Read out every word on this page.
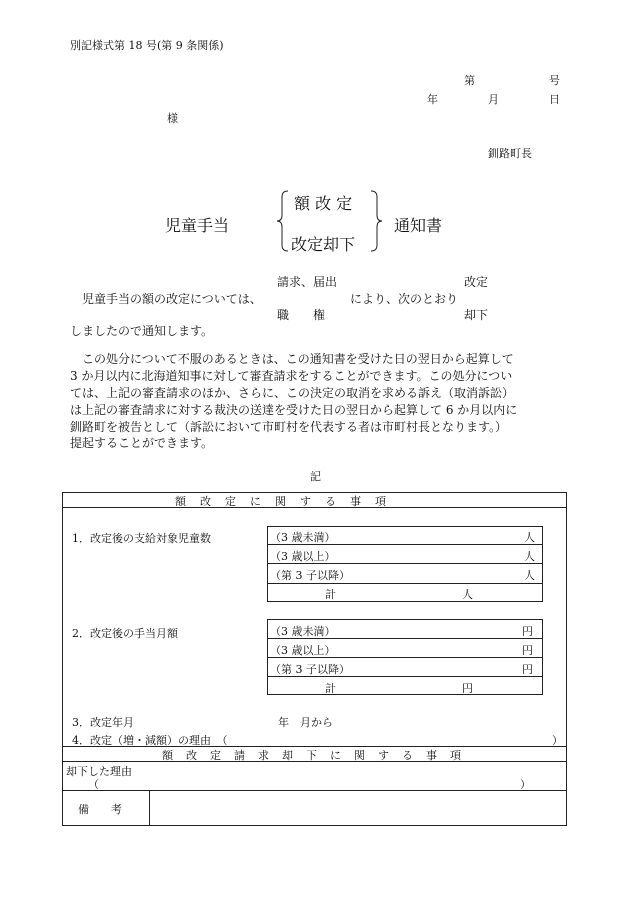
別記様式第 18 号(第 9 条関係)
第	号
年	月	日
様
釧路町長
児童手当
額 改 定
改定却下
通知書
請求、届出	改定
児童手当の額の改定については、	により、次のとおり
職　　権	却下
しましたので通知します。
この処分について不服のあるときは、この通知書を受けた日の翌日から起算して
3 か月以内に北海道知事に対して審査請求をすることができます。この処分につい
ては、上記の審査請求のほか、さらに、この決定の取消を求める訴え（取消訴訟）
は上記の審査請求に対する裁決の送達を受けた日の翌日から起算して 6 か月以内に
釧路町を被告として（訴訟において市町村を代表する者は市町村長となります。）
提起することができます。
記
額改定に関する事項
1．改定後の支給対象児童数	（3 歳未満）	人
（3 歳以上）	人
（第 3 子以降）	人
計	人
2．改定後の手当月額	（3 歳未満）	円
（3 歳以上）	円
（第 3 子以降）	円
計	円
3．改定年月	年　月から
4．改定（増・減額）の理由　（	）
額改定請求却下に関する事項
却下した理由
（	）
備　　考
